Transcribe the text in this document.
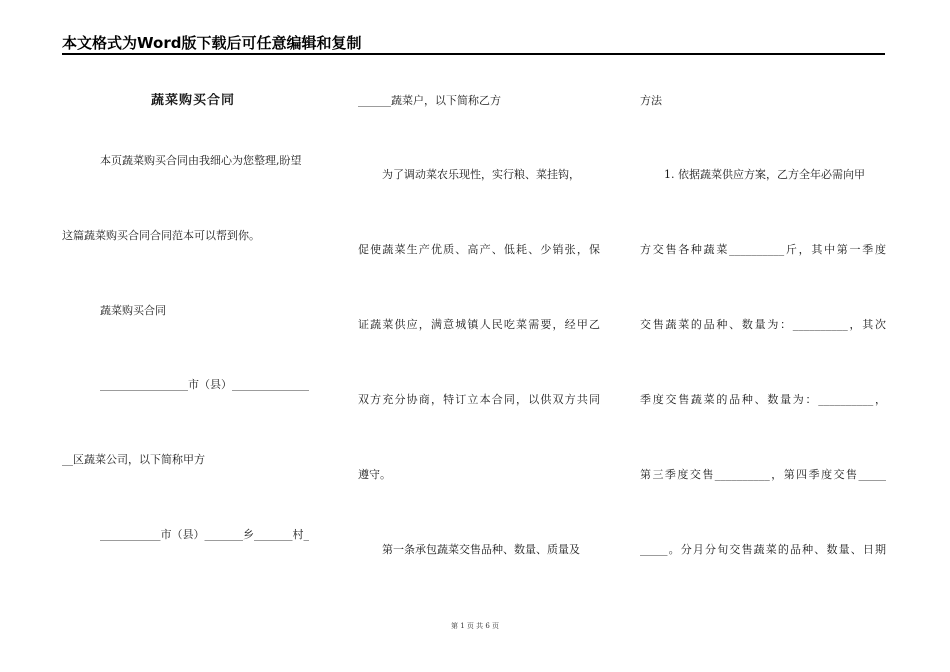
本文格式为Word版下载后可任意编辑和复制
蔬菜购买合同
本页蔬菜购买合同由我细心为您整理,盼望
这篇蔬菜购买合同合同范本可以帮到你。
蔬菜购买合同
________________市（县）______________
__区蔬菜公司，以下简称甲方
___________市（县）_______乡_______村_
______蔬菜户，以下简称乙方
为了调动菜农乐现性，实行粮、菜挂钩，
促使蔬菜生产优质、高产、低耗、少销张，保
证蔬菜供应，满意城镇人民吃菜需要，经甲乙
双方充分协商，特订立本合同，以供双方共同
遵守。
第一条承包蔬菜交售品种、数量、质量及
方法
1. 依据蔬菜供应方案，乙方全年必需向甲
方交售各种蔬菜__________斤，其中第一季度
交售蔬菜的品种、数量为：__________，其次
季度交售蔬菜的品种、数量为：__________，
第三季度交售__________，第四季度交售_____
_____。分月分旬交售蔬菜的品种、数量、日期
第 1 页 共 6 页
